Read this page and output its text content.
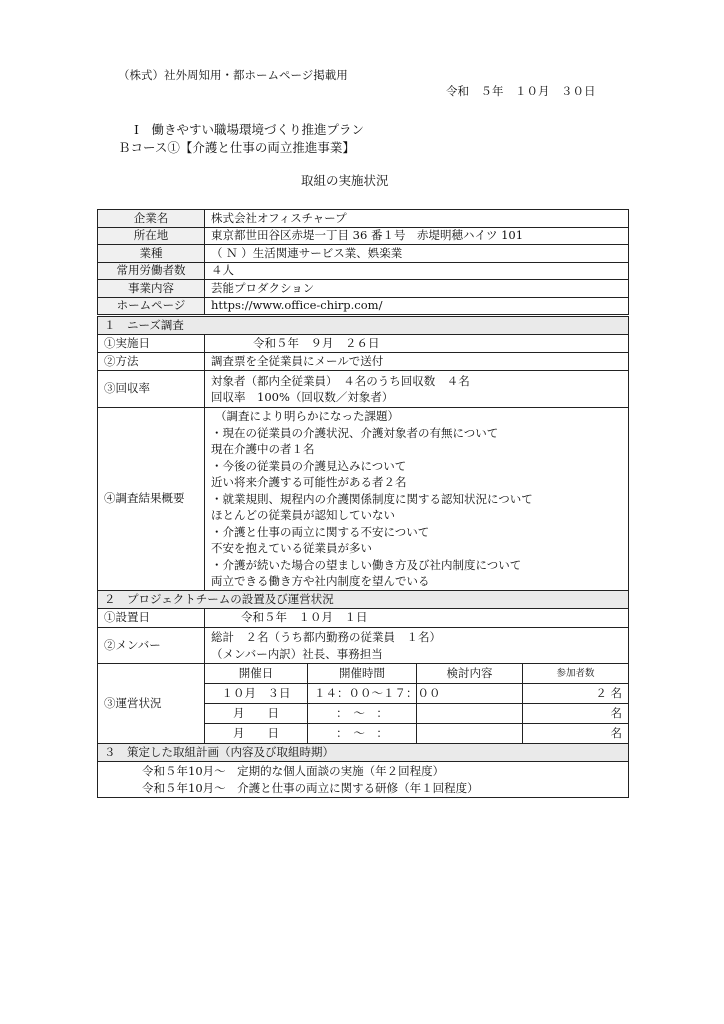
（株式）社外周知用・都ホームページ掲載用
令和　５年　１０月　３０日
Ⅰ　働きやすい職場環境づくり推進プラン
Ｂコース①【介護と仕事の両立推進事業】
取組の実施状況
企業名	株式会社オフィスチャープ
所在地	東京都世田谷区赤堤一丁目 36 番１号　赤堤明穂ハイツ 101
業種	（ Ｎ ）生活関連サービス業、娯楽業
常用労働者数	４人
事業内容	芸能プロダクション
ホームページ	https://www.office-chirp.com/
１　ニーズ調査
①実施日	令和５年　９月　２６日
②方法	調査票を全従業員にメールで送付
③回収率	
対象者（都内全従業員）　４名のうち回収数　４名
回収率　100%（回収数／対象者）

④調査結果概要	
（調査により明らかになった課題）
・現在の従業員の介護状況、介護対象者の有無について
現在介護中の者１名
・今後の従業員の介護見込みについて
近い将来介護する可能性がある者２名
・就業規則、規程内の介護関係制度に関する認知状況について
ほとんどの従業員が認知していない
・介護と仕事の両立に関する不安について
不安を抱えている従業員が多い
・介護が続いた場合の望ましい働き方及び社内制度について
両立できる働き方や社内制度を望んでいる

２　プロジェクトチームの設置及び運営状況
①設置日	令和５年　１０月　１日
②メンバー	
総計　２名（うち都内勤務の従業員　１名）
（メンバー内訳）社長、事務担当

③運営状況	
開催日	開催時間	検討内容	参加者数
１０月　３日	１４：００～１７：００		２ 名
月　　日	：　～　：		名
月　　日	：　～　：		名

３　策定した取組計画（内容及び取組時期）

令和５年10月～　定期的な個人面談の実施（年２回程度）
令和５年10月～　介護と仕事の両立に関する研修（年１回程度）
